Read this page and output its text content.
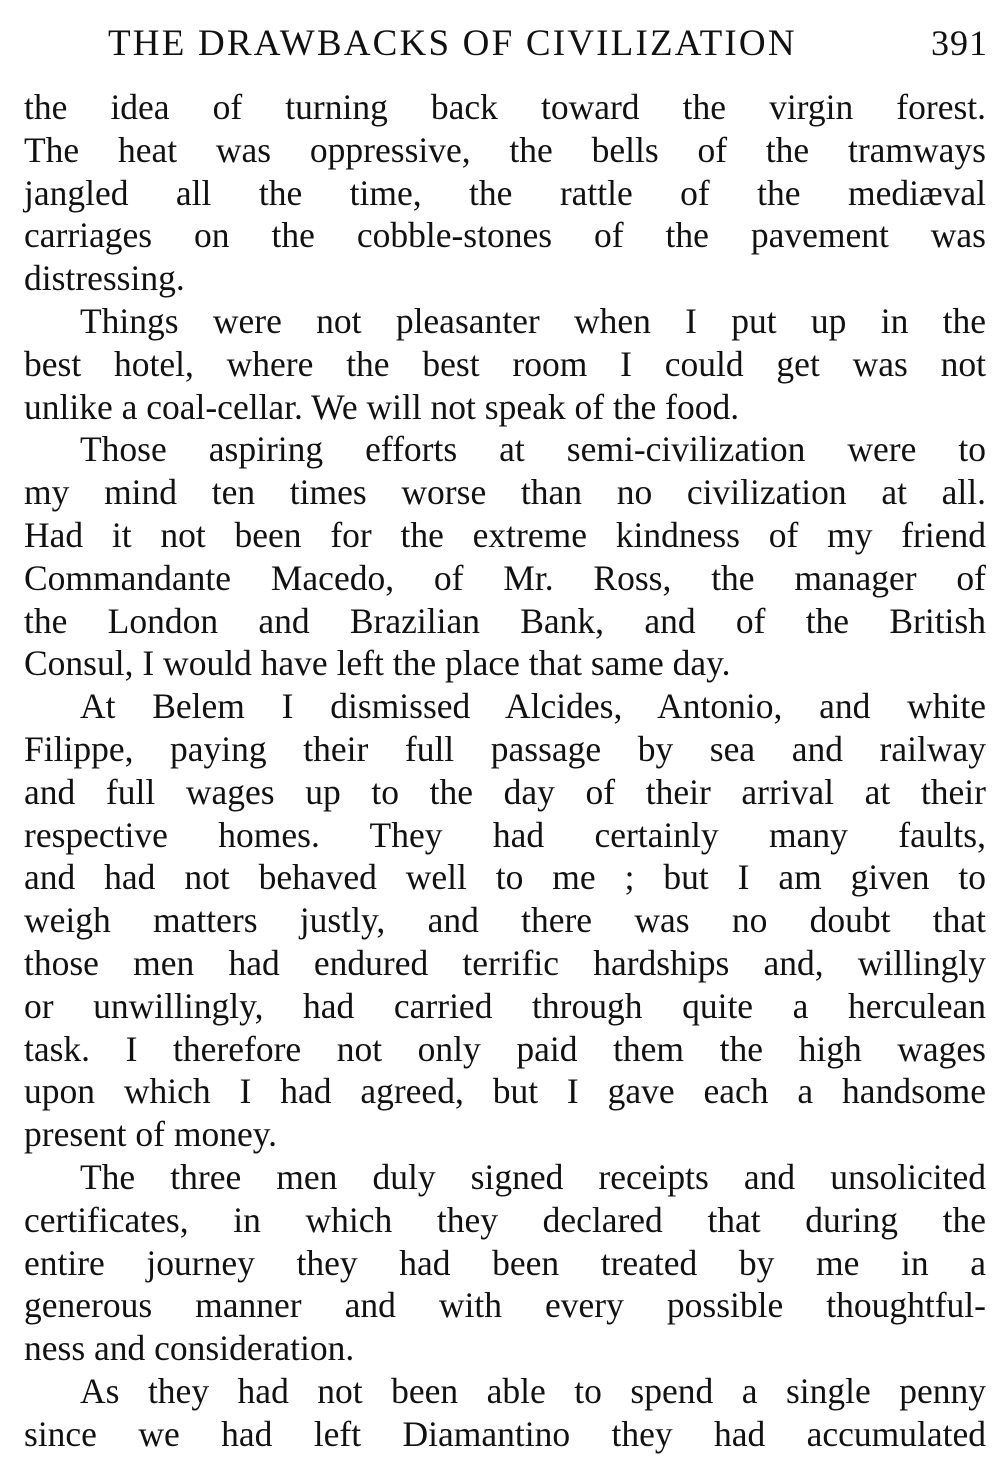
THE DRAWBACKS OF CIVILIZATION	391
the idea of turning back toward the virgin forest.
The heat was oppressive, the bells of the tramways
jangled all the time, the rattle of the mediæval
carriages on the cobble-stones of the pavement was
distressing.
Things were not pleasanter when I put up in the
best hotel, where the best room I could get was not
unlike a coal-cellar. We will not speak of the food.
Those aspiring efforts at semi-civilization were to
my mind ten times worse than no civilization at all.
Had it not been for the extreme kindness of my friend
Commandante Macedo, of Mr. Ross, the manager of
the London and Brazilian Bank, and of the British
Consul, I would have left the place that same day.
At Belem I dismissed Alcides, Antonio, and white
Filippe, paying their full passage by sea and railway
and full wages up to the day of their arrival at their
respective homes. They had certainly many faults,
and had not behaved well to me ; but I am given to
weigh matters justly, and there was no doubt that
those men had endured terrific hardships and, willingly
or unwillingly, had carried through quite a herculean
task. I therefore not only paid them the high wages
upon which I had agreed, but I gave each a handsome
present of money.
The three men duly signed receipts and unsolicited
certificates, in which they declared that during the
entire journey they had been treated by me in a
generous manner and with every possible thoughtful-
ness and consideration.
As they had not been able to spend a single penny
since we had left Diamantino they had accumulated
